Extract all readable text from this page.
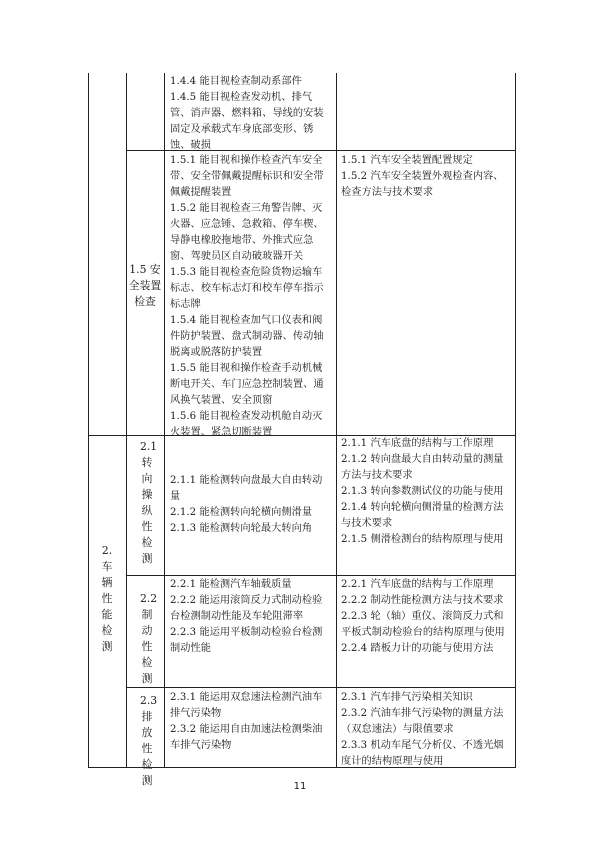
1.4.4 能目视检查制动系部件

1.4.5 能目视检查发动机、排气管、消声器、燃料箱、导线的安装固定及承载式车身底部变形、锈蚀、破损

1.5 安全装置检查

1.5.1 能目视和操作检查汽车安全带、安全带佩戴提醒标识和安全带佩戴提醒装置

1.5.2 能目视检查三角警告牌、灭火器、应急锤、急救箱、停车楔、导静电橡胶拖地带、外推式应急窗、驾驶员区自动破玻器开关

1.5.3 能目视检查危险货物运输车标志、校车标志灯和校车停车指示标志牌

1.5.4 能目视检查加气口仪表和阀件防护装置、盘式制动器、传动轴脱离或脱落防护装置

1.5.5 能目视和操作检查手动机械断电开关、车门应急控制装置、通风换气装置、安全顶窗

1.5.6 能目视检查发动机舱自动灭火装置、紧急切断装置

1.5.1 汽车安全装置配置规定

1.5.2 汽车安全装置外观检查内容、检查方法与技术要求

2. 车辆性能检测
2.1 转向操纵性检测

2.1.1 能检测转向盘最大自由转动量

2.1.2 能检测转向轮横向侧滑量

2.1.3 能检测转向轮最大转向角

2.1.1 汽车底盘的结构与工作原理

2.1.2 转向盘最大自由转动量的测量方法与技术要求

2.1.3 转向参数测试仪的功能与使用

2.1.4 转向轮横向侧滑量的检测方法与技术要求

2.1.5 侧滑检测台的结构原理与使用

2.2 制动性检测

2.2.1 能检测汽车轴载质量

2.2.2 能运用滚筒反力式制动检验台检测制动性能及车轮阻滞率

2.2.3 能运用平板制动检验台检测制动性能

2.2.1 汽车底盘的结构与工作原理

2.2.2 制动性能检测方法与技术要求

2.2.3 轮（轴）重仪、滚筒反力式和平板式制动检验台的结构原理与使用

2.2.4 踏板力计的功能与使用方法

2.3 排放性检测

2.3.1 能运用双怠速法检测汽油车排气污染物

2.3.2 能运用自由加速法检测柴油车排气污染物

2.3.1 汽车排气污染相关知识

2.3.2 汽油车排气污染物的测量方法（双怠速法）与限值要求

2.3.3 机动车尾气分析仪、不透光烟度计的结构原理与使用

11
